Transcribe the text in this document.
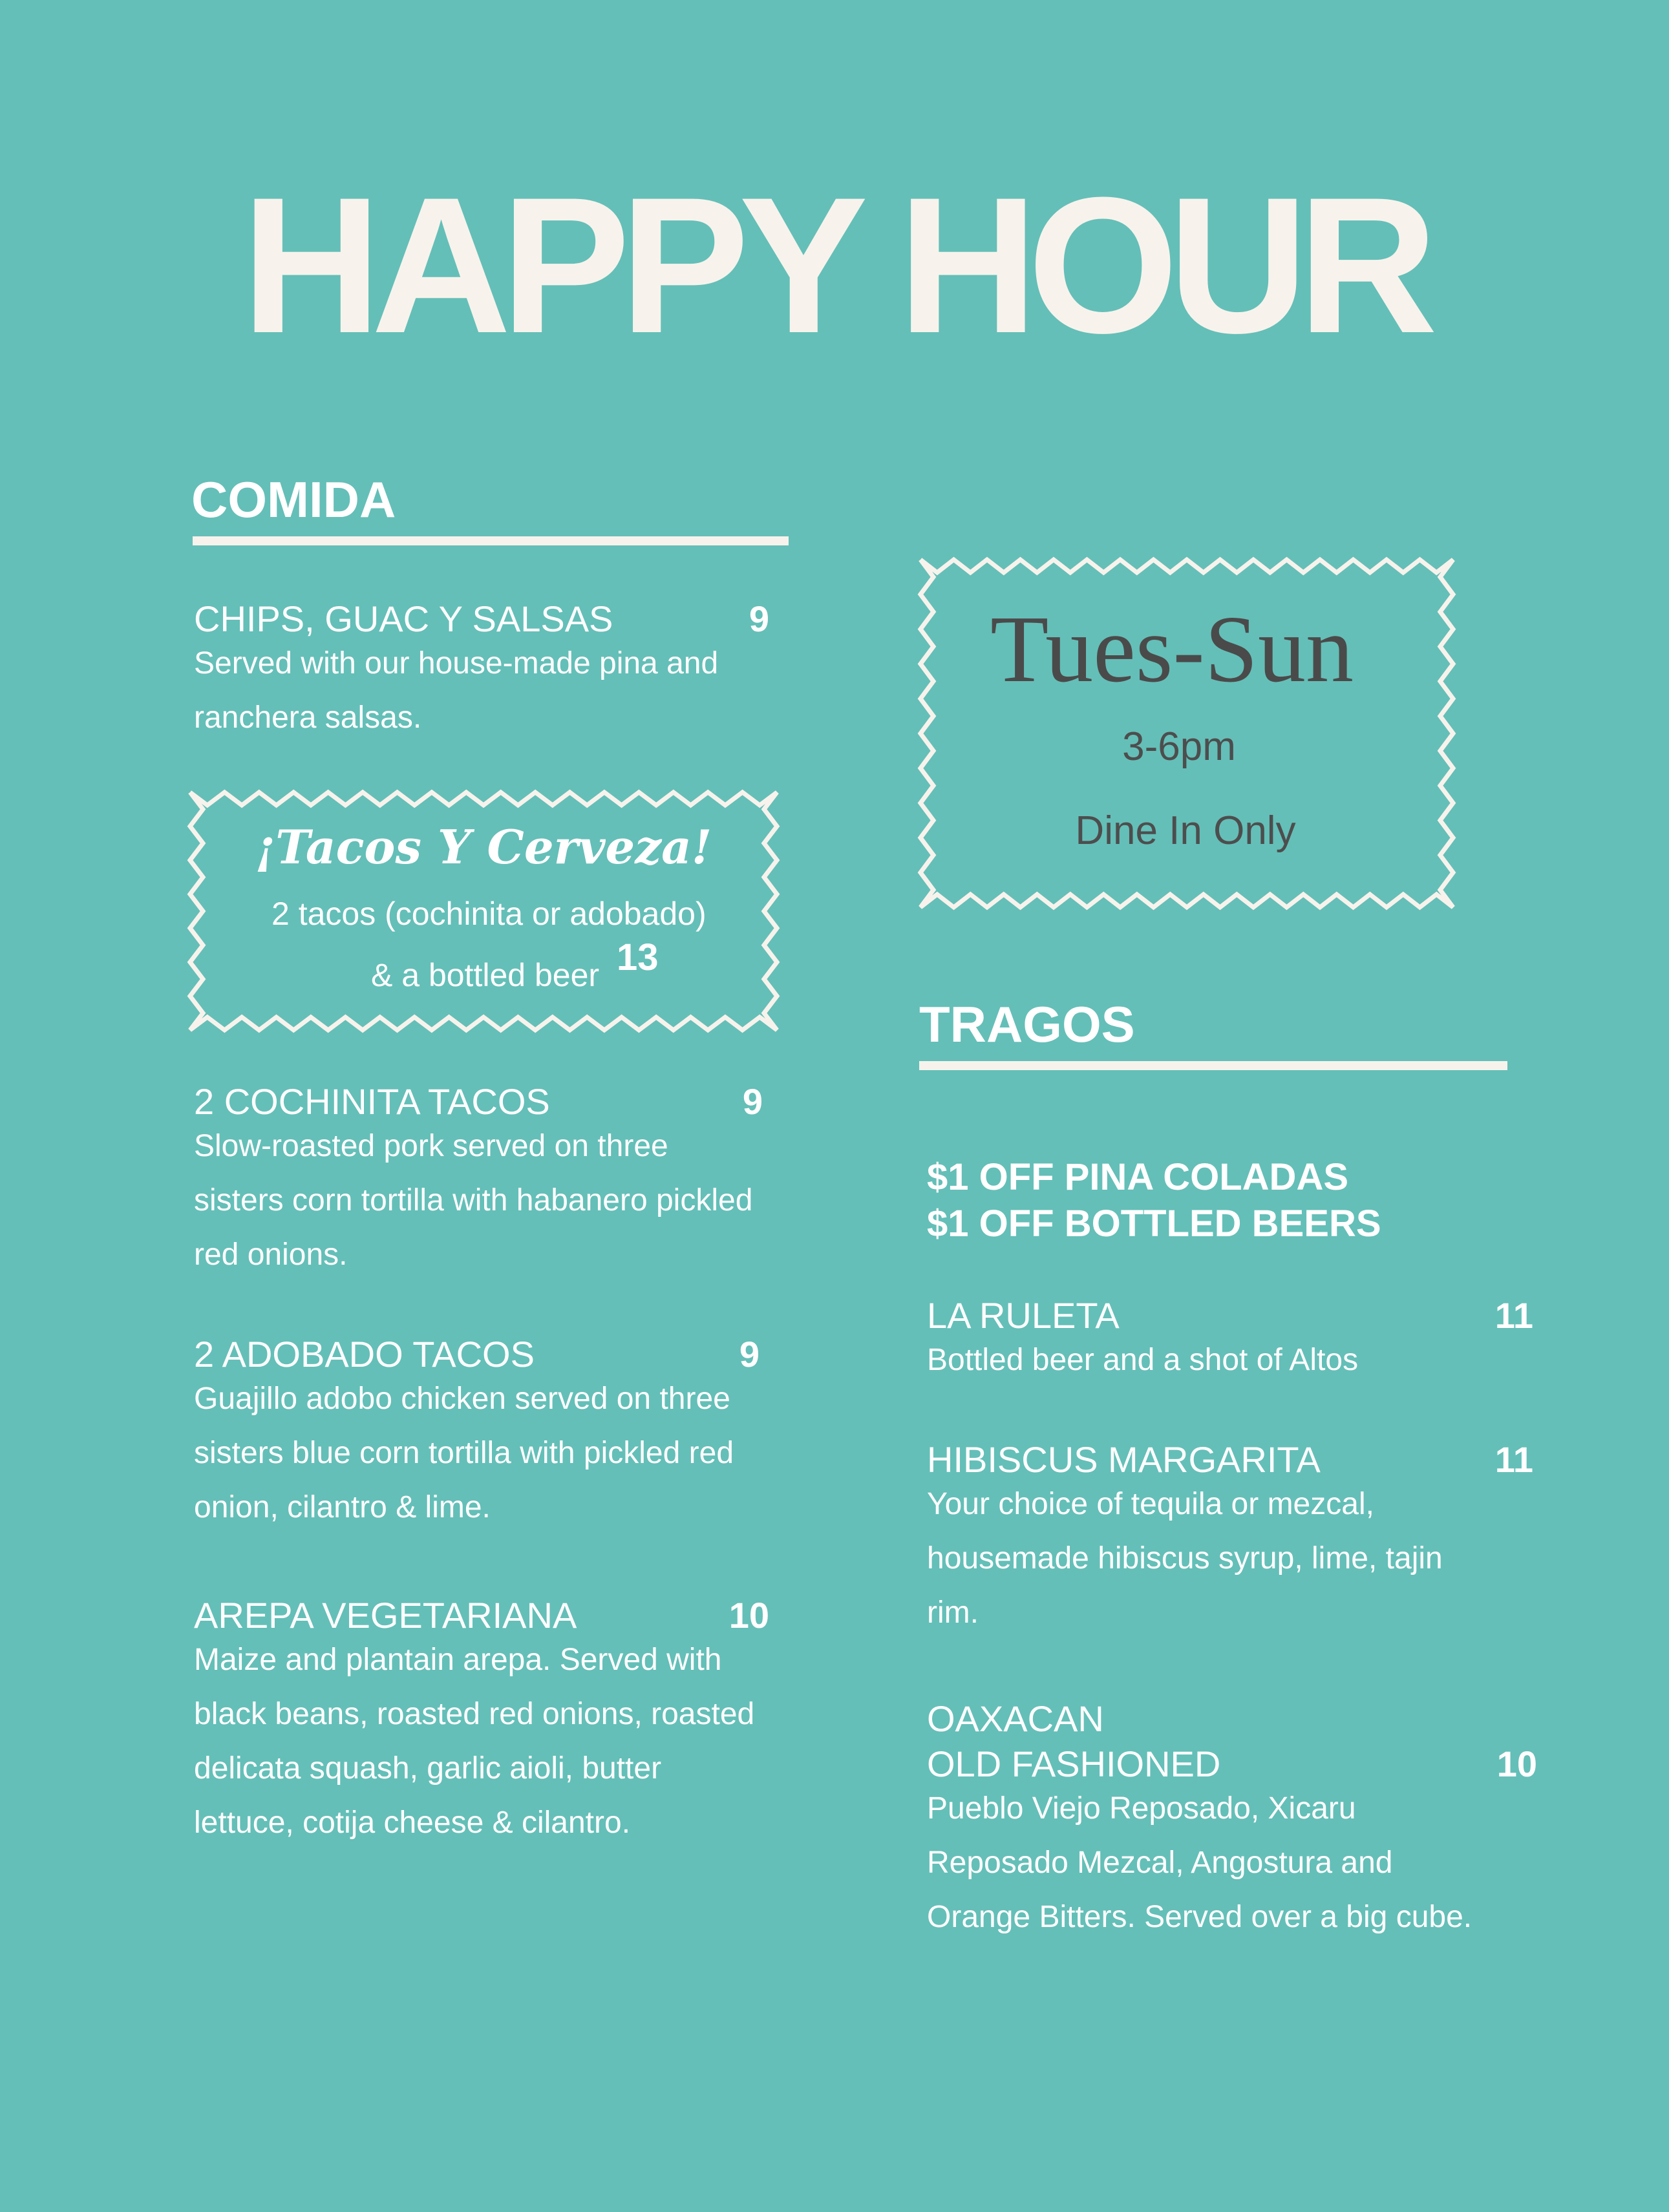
HAPPY HOUR
COMIDA
CHIPS, GUAC Y SALSAS	9
Served with our house-made pina and
ranchera salsas.
¡Tacos Y Cerveza!
2 tacos (cochinita or adobado)
& a bottled beer 13
2 COCHINITA TACOS	9
Slow-roasted pork served on three
sisters corn tortilla with habanero pickled
red onions.
2 ADOBADO TACOS	9
Guajillo adobo chicken served on three
sisters blue corn tortilla with pickled red
onion, cilantro & lime.
AREPA VEGETARIANA	10
Maize and plantain arepa. Served with
black beans, roasted red onions, roasted
delicata squash, garlic aioli, butter
lettuce, cotija cheese & cilantro.
Tues-Sun
3-6pm
Dine In Only
TRAGOS
$1 OFF PINA COLADAS
$1 OFF BOTTLED BEERS
LA RULETA	11
Bottled beer and a shot of Altos
HIBISCUS MARGARITA	11
Your choice of tequila or mezcal,
housemade hibiscus syrup, lime, tajin
rim.
OAXACAN
OLD FASHIONED	10
Pueblo Viejo Reposado, Xicaru
Reposado Mezcal, Angostura and
Orange Bitters. Served over a big cube.
